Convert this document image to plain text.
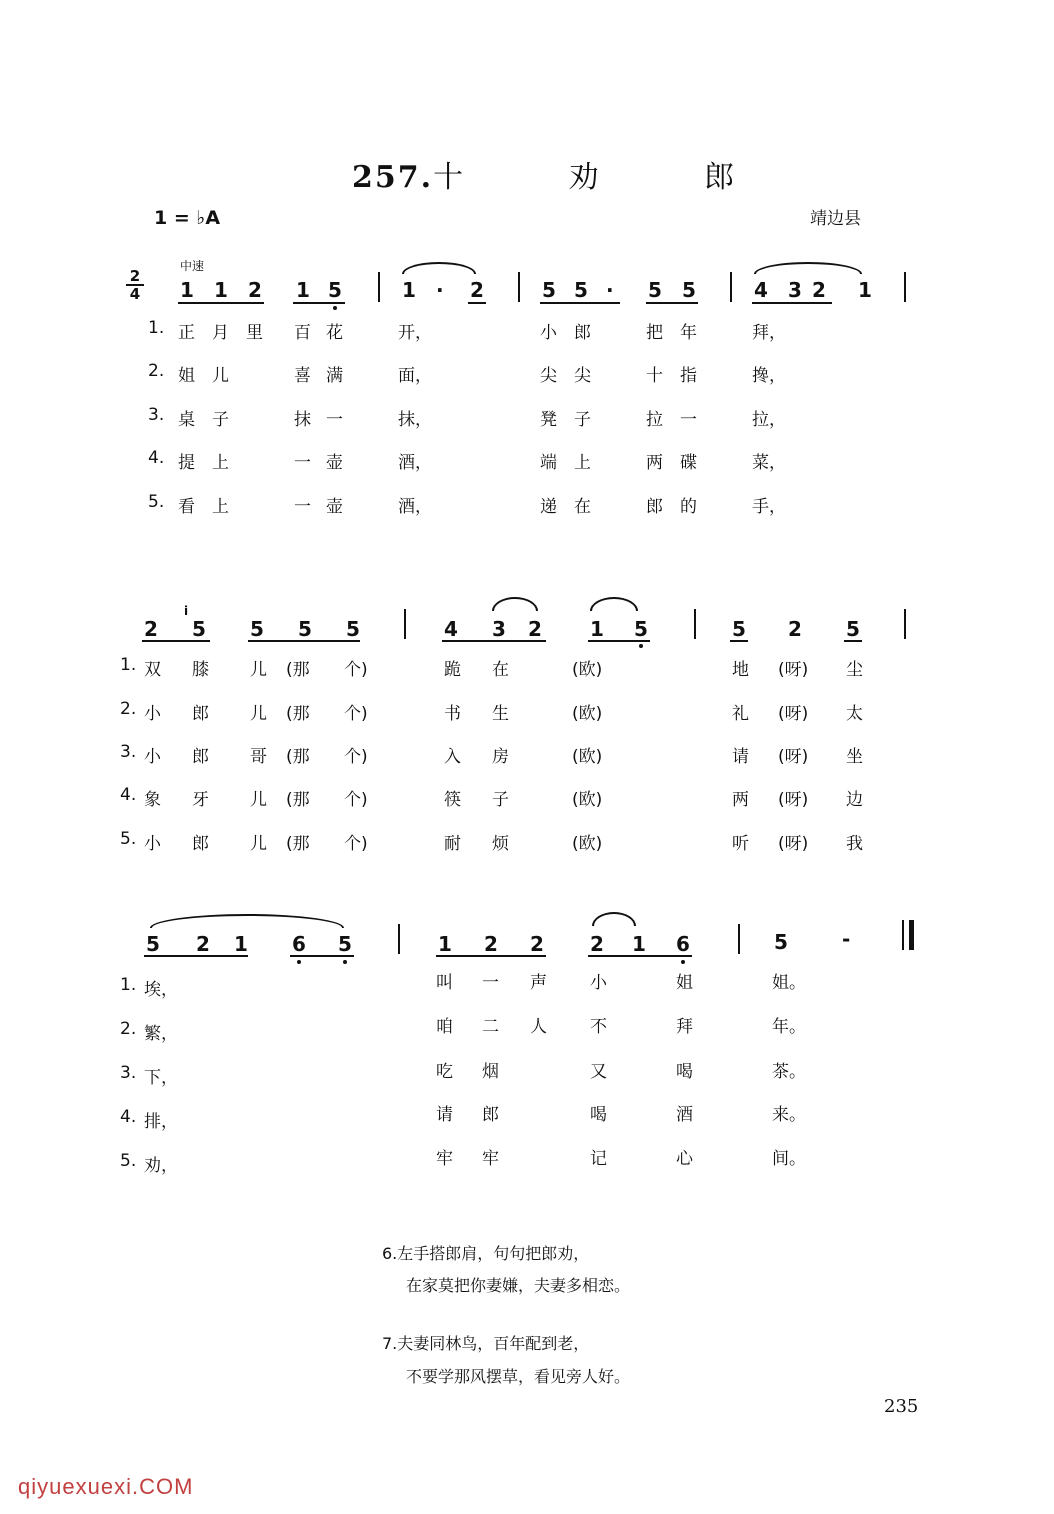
257.十 劝 郎
1 = ♭A	靖边县
中速
2
4 1 1 2 1 5	1 · 2	5 5 · 5 5	4 3 2 1
1. 正 月 里 百 花	开，	小 郎	把 年	拜，
2. 姐 儿	喜 满	面，	尖 尖	十 指	搀，
3. 桌 子	抹 一	抹，	凳 子	拉 一	拉，
4. 提 上	一 壶	酒，	端 上	两 碟	菜，
5. 看 上	一 壶	酒，	递 在	郎 的	手，
2
i
5 5 5 5	4 3 2 1 5	5 2 5
1. 双 膝 儿 (那 个)	跪 在	(欧)	地 (呀) 尘
2. 小 郎 儿 (那 个)	书 生	(欧)	礼 (呀) 太
3. 小 郎 哥 (那 个)	入 房	(欧)	请 (呀) 坐
4. 象 牙 儿 (那 个)	筷 子	(欧)	两 (呀) 边
5. 小 郎 儿 (那 个)	耐 烦	(欧)	听 (呀) 我
5 2 1 6 5	1 2 2 2 1 6	5	-
1. 埃，	叫 一 声	小	姐	姐。
2. 繁，	咱 二 人	不	拜	年。
3. 下，	吃 烟	又	喝	茶。
4. 排，	请 郎	喝	酒	来。
5. 劝，	牢 牢	记	心	间。
6.左手搭郎肩，句句把郎劝，
在家莫把你妻嫌，夫妻多相恋。
7.夫妻同林鸟，百年配到老，
不要学那风摆草，看见旁人好。
235
qiyuexuexi.COM
